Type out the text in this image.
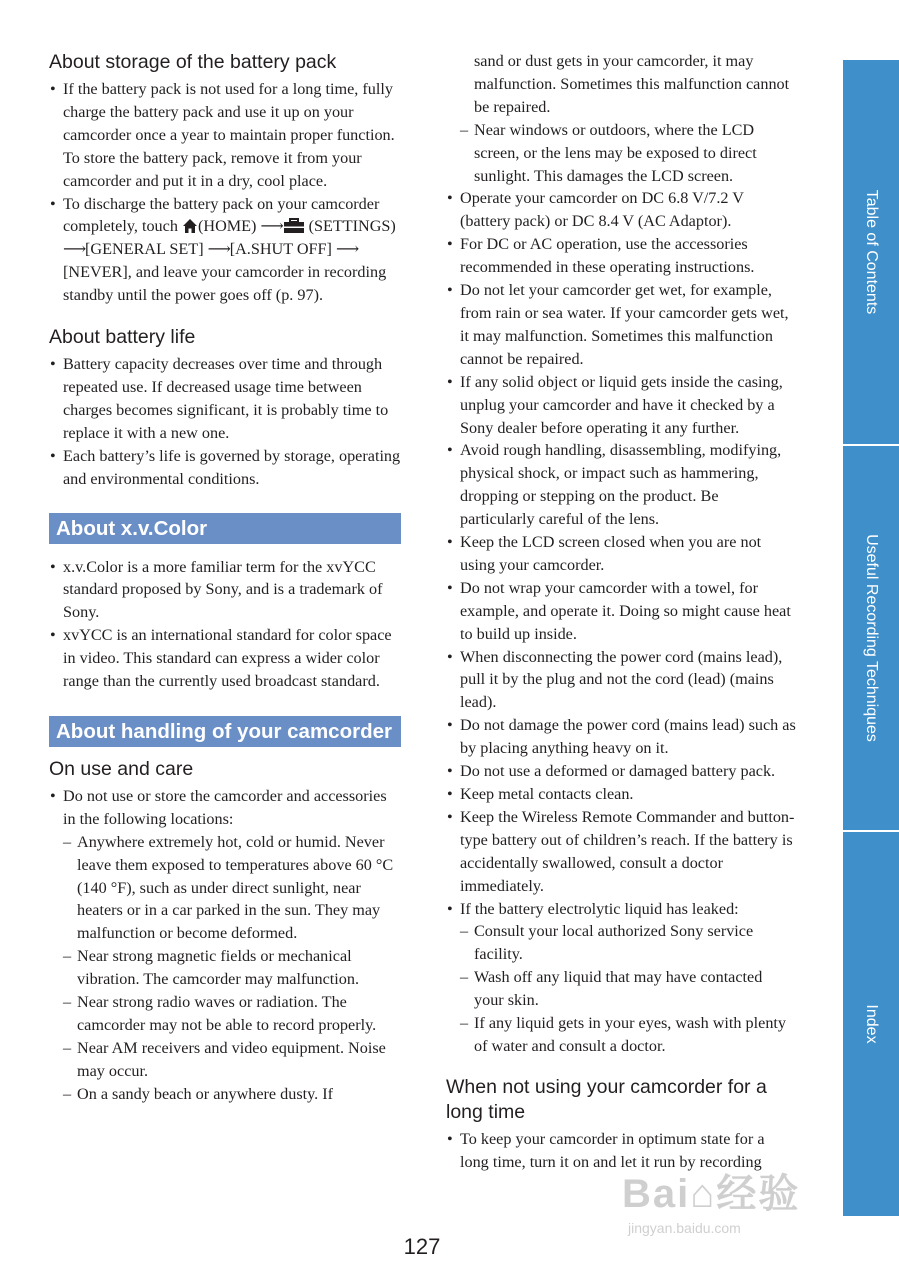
About storage of the battery pack
• If the battery pack is not used for a long time, fully charge the battery pack and use it up on your camcorder once a year to maintain proper function. To store the battery pack, remove it from your camcorder and put it in a dry, cool place.
• To discharge the battery pack on your camcorder completely, touch (HOME) ⟶ (SETTINGS) ⟶ [GENERAL SET] ⟶ [A.SHUT OFF] ⟶ [NEVER], and leave your camcorder in recording standby until the power goes off (p. 97).
About battery life
• Battery capacity decreases over time and through repeated use. If decreased usage time between charges becomes significant, it is probably time to replace it with a new one.
• Each battery’s life is governed by storage, operating and environmental conditions.
About x.v.Color
• x.v.Color is a more familiar term for the xvYCC standard proposed by Sony, and is a trademark of Sony.
• xvYCC is an international standard for color space in video. This standard can express a wider color range than the currently used broadcast standard.
About handling of your camcorder
On use and care
• Do not use or store the camcorder and accessories in the following locations:
– Anywhere extremely hot, cold or humid. Never leave them exposed to temperatures above 60 °C (140 °F), such as under direct sunlight, near heaters or in a car parked in the sun. They may malfunction or become deformed.
– Near strong magnetic fields or mechanical vibration. The camcorder may malfunction.
– Near strong radio waves or radiation. The camcorder may not be able to record properly.
– Near AM receivers and video equipment. Noise may occur.
– On a sandy beach or anywhere dusty. If
sand or dust gets in your camcorder, it may malfunction. Sometimes this malfunction cannot be repaired.
– Near windows or outdoors, where the LCD screen, or the lens may be exposed to direct sunlight. This damages the LCD screen.
• Operate your camcorder on DC 6.8 V/7.2 V (battery pack) or DC 8.4 V (AC Adaptor).
• For DC or AC operation, use the accessories recommended in these operating instructions.
• Do not let your camcorder get wet, for example, from rain or sea water. If your camcorder gets wet, it may malfunction. Sometimes this malfunction cannot be repaired.
• If any solid object or liquid gets inside the casing, unplug your camcorder and have it checked by a Sony dealer before operating it any further.
• Avoid rough handling, disassembling, modifying, physical shock, or impact such as hammering, dropping or stepping on the product. Be particularly careful of the lens.
• Keep the LCD screen closed when you are not using your camcorder.
• Do not wrap your camcorder with a towel, for example, and operate it. Doing so might cause heat to build up inside.
• When disconnecting the power cord (mains lead), pull it by the plug and not the cord (lead) (mains lead).
• Do not damage the power cord (mains lead) such as by placing anything heavy on it.
• Do not use a deformed or damaged battery pack.
• Keep metal contacts clean.
• Keep the Wireless Remote Commander and button-type battery out of children’s reach. If the battery is accidentally swallowed, consult a doctor immediately.
• If the battery electrolytic liquid has leaked:
– Consult your local authorized Sony service facility.
– Wash off any liquid that may have contacted your skin.
– If any liquid gets in your eyes, wash with plenty of water and consult a doctor.
When not using your camcorder for a long time
• To keep your camcorder in optimum state for a long time, turn it on and let it run by recording
Table of Contents
Useful Recording Techniques
Index
Bai⌂经验
jingyan.baidu.com
127
